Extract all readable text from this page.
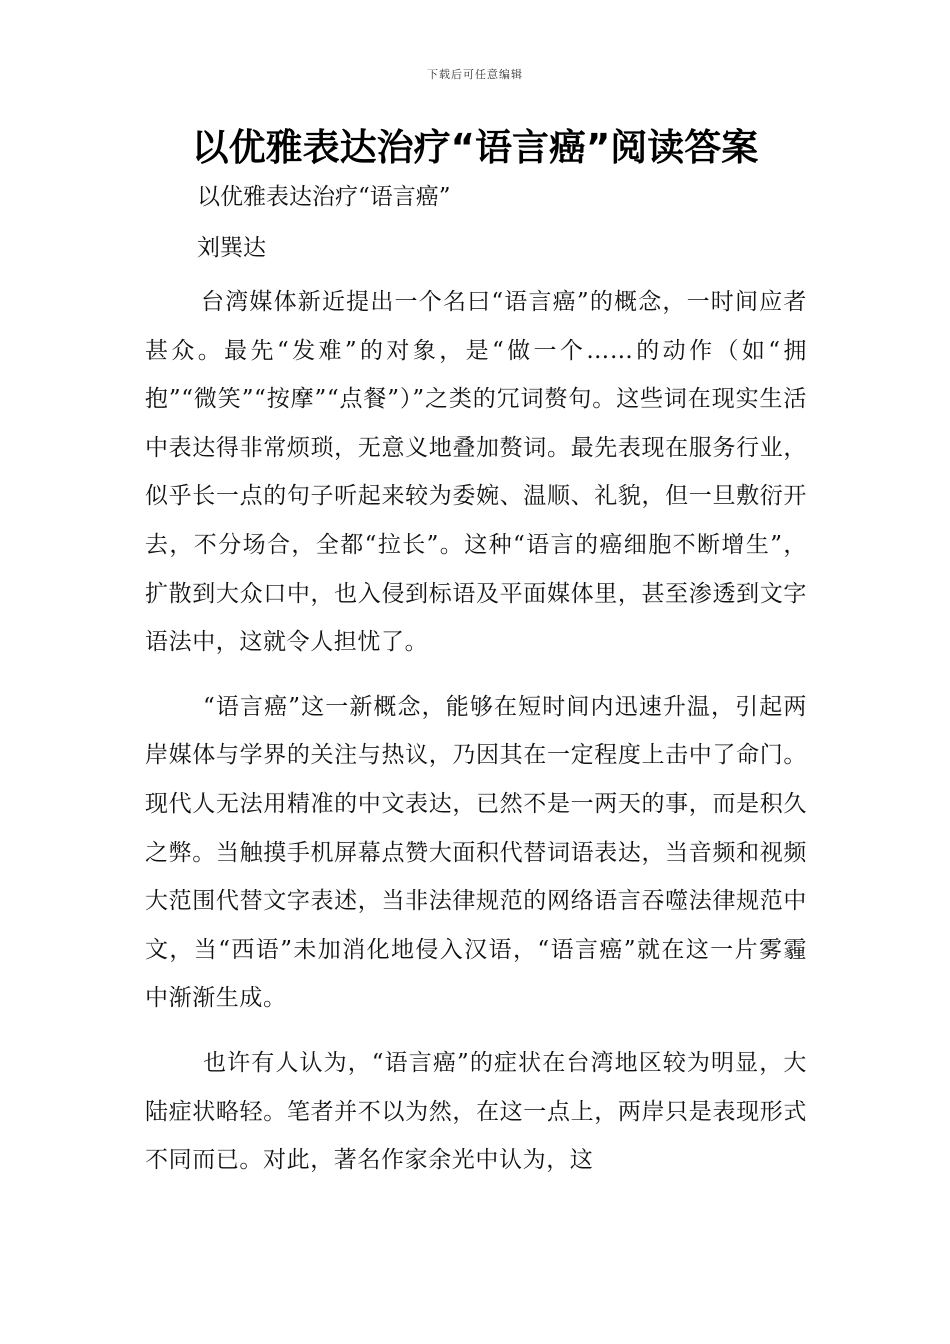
下载后可任意编辑
以优雅表达治疗“语言癌”阅读答案
以优雅表达治疗“语言癌”
刘巽达

台湾媒体新近提出一个名曰“语言癌”的概念，一时间应者甚众。最先“发难”的对象，是“做一个……的动作（如“拥抱”“微笑”“按摩”“点餐”）”之类的冗词赘句。这些词在现实生活中表达得非常烦琐，无意义地叠加赘词。最先表现在服务行业，似乎长一点的句子听起来较为委婉、温顺、礼貌，但一旦敷衍开去，不分场合，全都“拉长”。这种“语言的癌细胞不断增生”，扩散到大众口中，也入侵到标语及平面媒体里，甚至渗透到文字语法中，这就令人担忧了。

“语言癌”这一新概念，能够在短时间内迅速升温，引起两岸媒体与学界的关注与热议，乃因其在一定程度上击中了命门。现代人无法用精准的中文表达，已然不是一两天的事，而是积久之弊。当触摸手机屏幕点赞大面积代替词语表达，当音频和视频大范围代替文字表述，当非法律规范的网络语言吞噬法律规范中文，当“西语”未加消化地侵入汉语，“语言癌”就在这一片雾霾中渐渐生成。

也许有人认为，“语言癌”的症状在台湾地区较为明显，大陆症状略轻。笔者并不以为然，在这一点上，两岸只是表现形式不同而已。对此，著名作家余光中认为，这
